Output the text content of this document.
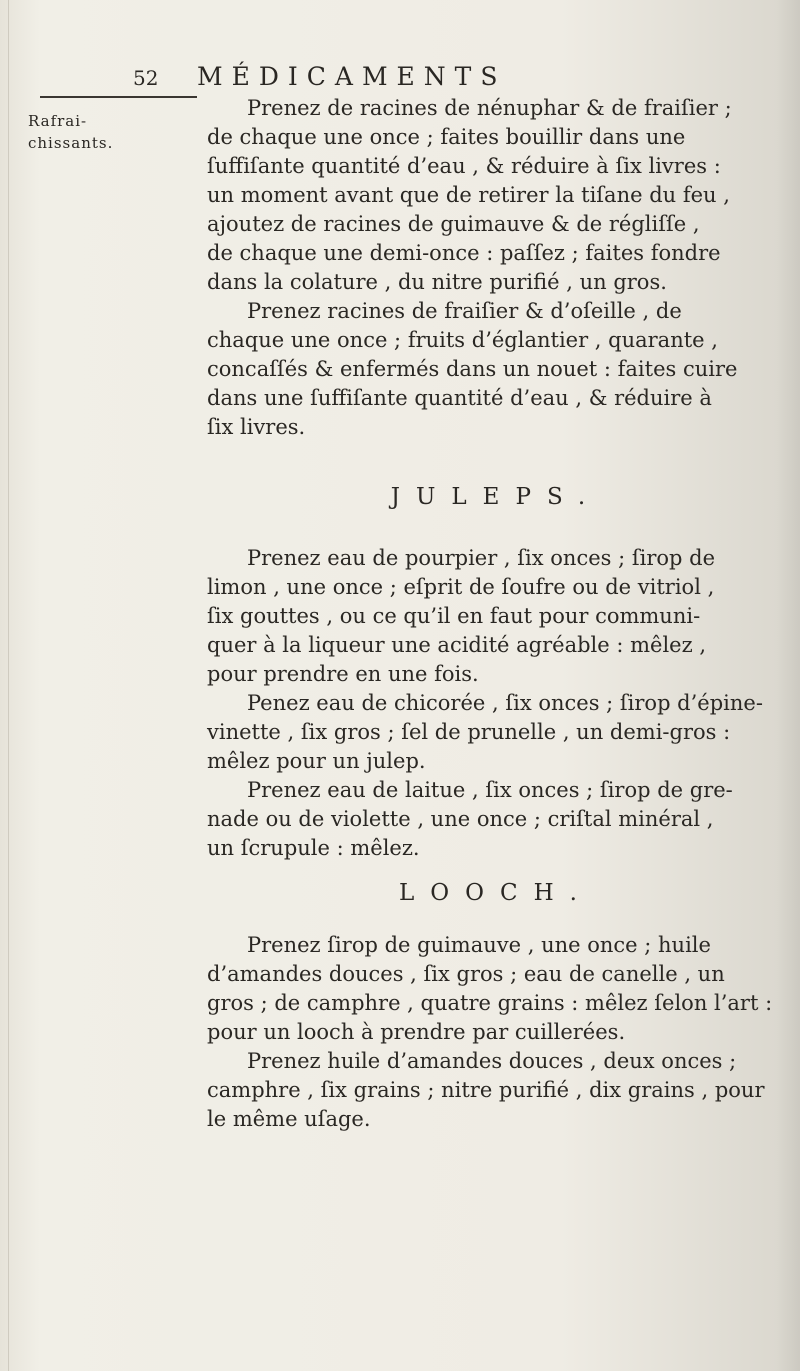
52 MÉDICAMENTS
Rafrai-
chissants.
Prenez de racines de nénuphar & de fraiſier ;
de chaque une once ; faites bouillir dans une
ſuffiſante quantité d’eau , & réduire à ſix livres :
un moment avant que de retirer la tiſane du feu ,
ajoutez de racines de guimauve & de régliſſe ,
de chaque une demi-once : paſſez ; faites fondre
dans la colature , du nitre purifié , un gros.
Prenez racines de fraiſier & d’oſeille , de
chaque une once ; fruits d’églantier , quarante ,
concaſſés & enfermés dans un nouet : faites cuire
dans une ſuffiſante quantité d’eau , & réduire à
ſix livres.
JULEPS.
Prenez eau de pourpier , ſix onces ; ſirop de
limon , une once ; eſprit de ſoufre ou de vitriol ,
ſix gouttes , ou ce qu’il en faut pour communi-
quer à la liqueur une acidité agréable : mêlez ,
pour prendre en une fois.
Penez eau de chicorée , ſix onces ; ſirop d’épine-
vinette , ſix gros ; ſel de prunelle , un demi-gros :
mêlez pour un julep.
Prenez eau de laitue , ſix onces ; ſirop de gre-
nade ou de violette , une once ; criſtal minéral ,
un ſcrupule : mêlez.
LOOCH.
Prenez ſirop de guimauve , une once ; huile
d’amandes douces , ſix gros ; eau de canelle , un
gros ; de camphre , quatre grains : mêlez ſelon l’art :
pour un looch à prendre par cuillerées.
Prenez huile d’amandes douces , deux onces ;
camphre , ſix grains ; nitre purifié , dix grains , pour
le même uſage.
